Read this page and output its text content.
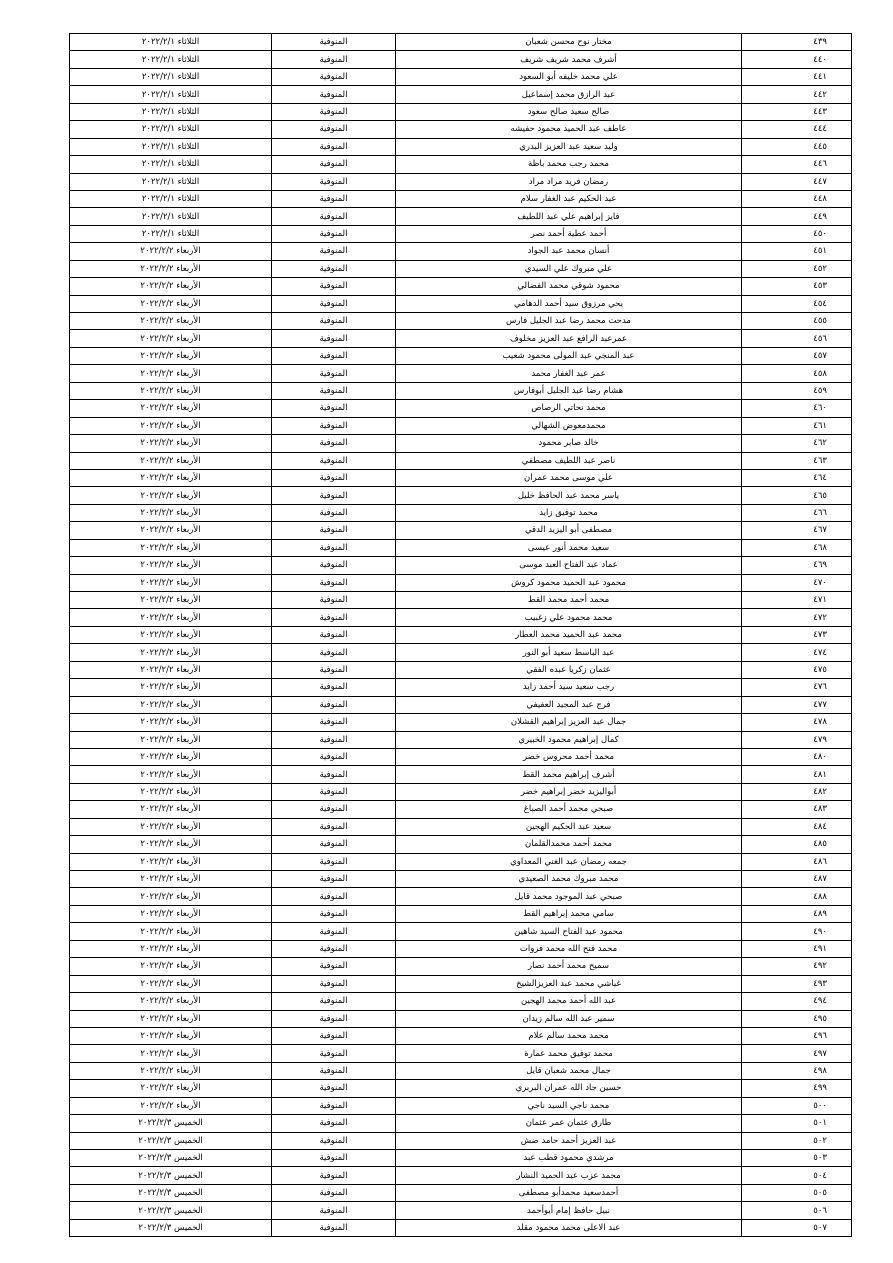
٤٣٩	مختار نوح محسن شعبان	المنوفية	الثلاثاء ٢٠٢٢/٢/١
٤٤٠	أشرف محمد شريف شريف	المنوفية	الثلاثاء ٢٠٢٢/٢/١
٤٤١	علي محمد خليفه أبو السعود	المنوفية	الثلاثاء ٢٠٢٢/٢/١
٤٤٢	عبد الرازق محمد إسماعيل	المنوفية	الثلاثاء ٢٠٢٢/٢/١
٤٤٣	صالح سعيد صالح سعود	المنوفية	الثلاثاء ٢٠٢٢/٢/١
٤٤٤	عاطف عبد الحميد محمود حفيشه	المنوفية	الثلاثاء ٢٠٢٢/٢/١
٤٤٥	وليد سعيد عبد العزيز البدري	المنوفية	الثلاثاء ٢٠٢٢/٢/١
٤٤٦	محمد رجب محمد باظة	المنوفية	الثلاثاء ٢٠٢٢/٢/١
٤٤٧	رمضان فريد مراد مراد	المنوفية	الثلاثاء ٢٠٢٢/٢/١
٤٤٨	عبد الحكيم عبد الغفار سلام	المنوفية	الثلاثاء ٢٠٢٢/٢/١
٤٤٩	فايز إبراهيم علي عبد اللطيف	المنوفية	الثلاثاء ٢٠٢٢/٢/١
٤٥٠	أحمد عطية أحمد نصر	المنوفية	الثلاثاء ٢٠٢٢/٢/١
٤٥١	أنسان محمد عبد الجواد	المنوفية	الأربعاء ٢٠٢٢/٢/٢
٤٥٢	علي مبروك علي السيدي	المنوفية	الأربعاء ٢٠٢٢/٢/٢
٤٥٣	محمود شوقي محمد الفضالي	المنوفية	الأربعاء ٢٠٢٢/٢/٢
٤٥٤	يحي مرزوق سيد أحمد الدهامي	المنوفية	الأربعاء ٢٠٢٢/٢/٢
٤٥٥	مدحت محمد رضا عبد الجليل فارس	المنوفية	الأربعاء ٢٠٢٢/٢/٢
٤٥٦	عمرعبد الرافع عبد العزيز مخلوف	المنوفية	الأربعاء ٢٠٢٢/٢/٢
٤٥٧	عبد المنجي عبد المولى محمود شعيب	المنوفية	الأربعاء ٢٠٢٢/٢/٢
٤٥٨	عمر عبد الغفار محمد	المنوفية	الأربعاء ٢٠٢٢/٢/٢
٤٥٩	هشام رضا عبد الجليل أبوفارس	المنوفية	الأربعاء ٢٠٢٢/٢/٢
٤٦٠	محمد نحاتي الرصاص	المنوفية	الأربعاء ٢٠٢٢/٢/٢
٤٦١	محمدمعوض الشهالي	المنوفية	الأربعاء ٢٠٢٢/٢/٢
٤٦٢	خالد صابر محمود	المنوفية	الأربعاء ٢٠٢٢/٢/٢
٤٦٣	ناصر عبد اللطيف مصطفي	المنوفية	الأربعاء ٢٠٢٢/٢/٢
٤٦٤	علي موسى محمد عمران	المنوفية	الأربعاء ٢٠٢٢/٢/٢
٤٦٥	ياسر محمد عبد الحافظ خليل	المنوفية	الأربعاء ٢٠٢٢/٢/٢
٤٦٦	محمد توفيق زايد	المنوفية	الأربعاء ٢٠٢٢/٢/٢
٤٦٧	مصطفى أبو اليزيد الدقي	المنوفية	الأربعاء ٢٠٢٢/٢/٢
٤٦٨	سعيد محمد أنور عيسى	المنوفية	الأربعاء ٢٠٢٢/٢/٢
٤٦٩	عماد عبد الفتاح العبد موسى	المنوفية	الأربعاء ٢٠٢٢/٢/٢
٤٧٠	محمود عبد الحميد محمود كروش	المنوفية	الأربعاء ٢٠٢٢/٢/٢
٤٧١	محمد أحمد محمد القط	المنوفية	الأربعاء ٢٠٢٢/٢/٢
٤٧٢	محمد محمود علي زغبيب	المنوفية	الأربعاء ٢٠٢٢/٢/٢
٤٧٣	محمد عبد الحميد محمد العطار	المنوفية	الأربعاء ٢٠٢٢/٢/٢
٤٧٤	عبد الباسط سعيد أبو النور	المنوفية	الأربعاء ٢٠٢٢/٢/٢
٤٧٥	عثمان زكريا عبده الفقي	المنوفية	الأربعاء ٢٠٢٢/٢/٢
٤٧٦	رجب سعيد سيد أحمد زايد	المنوفية	الأربعاء ٢٠٢٢/٢/٢
٤٧٧	فرج عبد المجيد العفيفي	المنوفية	الأربعاء ٢٠٢٢/٢/٢
٤٧٨	جمال عبد العزيز إبراهيم القشلان	المنوفية	الأربعاء ٢٠٢٢/٢/٢
٤٧٩	كمال إبراهيم محمود الخبيري	المنوفية	الأربعاء ٢٠٢٢/٢/٢
٤٨٠	محمد أحمد محروس خضر	المنوفية	الأربعاء ٢٠٢٢/٢/٢
٤٨١	أشرف إبراهيم محمد القط	المنوفية	الأربعاء ٢٠٢٢/٢/٢
٤٨٢	أبواليزيد خضر إبراهيم خضر	المنوفية	الأربعاء ٢٠٢٢/٢/٢
٤٨٣	صبحي محمد أحمد الصباغ	المنوفية	الأربعاء ٢٠٢٢/٢/٢
٤٨٤	سعيد عبد الحكيم الهجين	المنوفية	الأربعاء ٢٠٢٢/٢/٢
٤٨٥	محمد أحمد محمدالقلمان	المنوفية	الأربعاء ٢٠٢٢/٢/٢
٤٨٦	جمعه رمضان عبد الغني المعداوي	المنوفية	الأربعاء ٢٠٢٢/٢/٢
٤٨٧	محمد مبروك محمد الصعيدي	المنوفية	الأربعاء ٢٠٢٢/٢/٢
٤٨٨	صبحي عبد الموجود محمد قايل	المنوفية	الأربعاء ٢٠٢٢/٢/٢
٤٨٩	سامي محمد إبراهيم القط	المنوفية	الأربعاء ٢٠٢٢/٢/٢
٤٩٠	محمود عبد الفتاح السيد شاهين	المنوفية	الأربعاء ٢٠٢٢/٢/٢
٤٩١	محمد فتح الله محمد فروات	المنوفية	الأربعاء ٢٠٢٢/٢/٢
٤٩٢	سميح محمد أحمد نصار	المنوفية	الأربعاء ٢٠٢٢/٢/٢
٤٩٣	غباشي محمد عبد العزيزالشيخ	المنوفية	الأربعاء ٢٠٢٢/٢/٢
٤٩٤	عبد الله أحمد محمد الهجين	المنوفية	الأربعاء ٢٠٢٢/٢/٢
٤٩٥	سمير عبد الله سالم زيدان	المنوفية	الأربعاء ٢٠٢٢/٢/٢
٤٩٦	محمد محمد سالم علام	المنوفية	الأربعاء ٢٠٢٢/٢/٢
٤٩٧	محمد توفيق محمد عمارة	المنوفية	الأربعاء ٢٠٢٢/٢/٢
٤٩٨	جمال محمد شعبان قايل	المنوفية	الأربعاء ٢٠٢٢/٢/٢
٤٩٩	حسين جاد الله عمران البربري	المنوفية	الأربعاء ٢٠٢٢/٢/٢
٥٠٠	محمد ناجي السيد ناجي	المنوفية	الأربعاء ٢٠٢٢/٢/٢
٥٠١	طارق عثمان عمر عثمان	المنوفية	الخميس ٢٠٢٢/٢/٣
٥٠٢	عبد العزيز أحمد حامد ضش	المنوفية	الخميس ٢٠٢٢/٢/٣
٥٠٣	مرشدي محمود قطب عبد	المنوفية	الخميس ٢٠٢٢/٢/٣
٥٠٤	محمد عزب عبد الحميد النشار	المنوفية	الخميس ٢٠٢٢/٢/٣
٥٠٥	أحمدسعيد محمدأبو مصطفى	المنوفية	الخميس ٢٠٢٢/٢/٣
٥٠٦	نبيل حافظ إمام أبوأحمد	المنوفية	الخميس ٢٠٢٢/٢/٣
٥٠٧	عبد الاعلى محمد محمود مقلد	المنوفية	الخميس ٢٠٢٢/٢/٣
